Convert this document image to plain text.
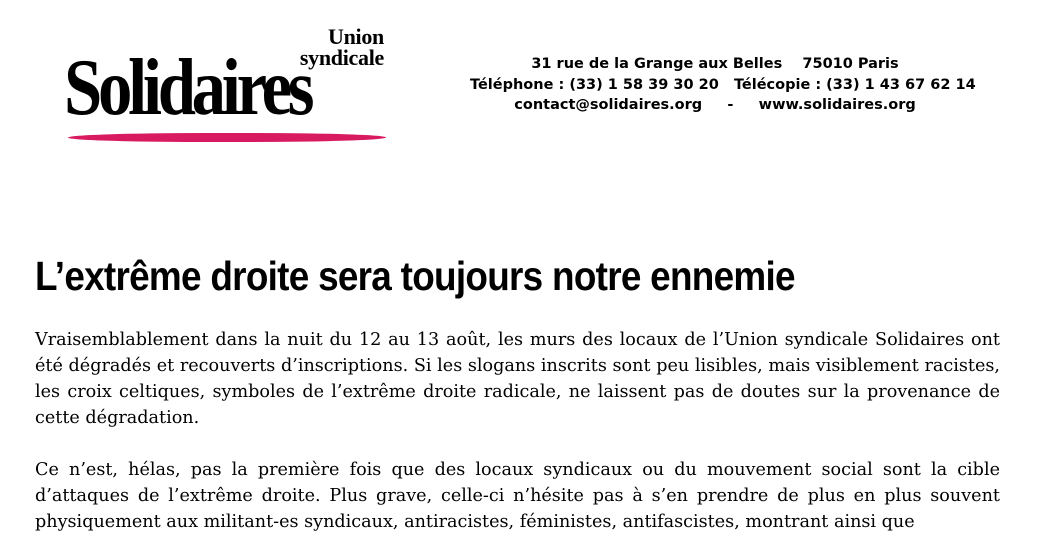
Union
syndicale
Solidaires	31 rue de la Grange aux Belles    75010 Paris
Téléphone : (33) 1 58 39 30 20   Télécopie : (33) 1 43 67 62 14
contact@solidaires.org     -     www.solidaires.org
L’extrême droite sera toujours notre ennemie

Vraisemblablement dans la nuit du 12 au 13 août, les murs des locaux de l’Union syndicale Solidaires ont été dégradés et recouverts d’inscriptions. Si les slogans inscrits sont peu lisibles, mais visiblement racistes, les croix celtiques, symboles de l’extrême droite radicale, ne laissent pas de doutes sur la provenance de cette dégradation.

Ce n’est, hélas, pas la première fois que des locaux syndicaux ou du mouvement social sont la cible d’attaques de l’extrême droite. Plus grave, celle-ci n’hésite pas à s’en prendre de plus en plus souvent physiquement aux militant-es syndicaux, antiracistes, féministes, antifascistes, montrant ainsi que
